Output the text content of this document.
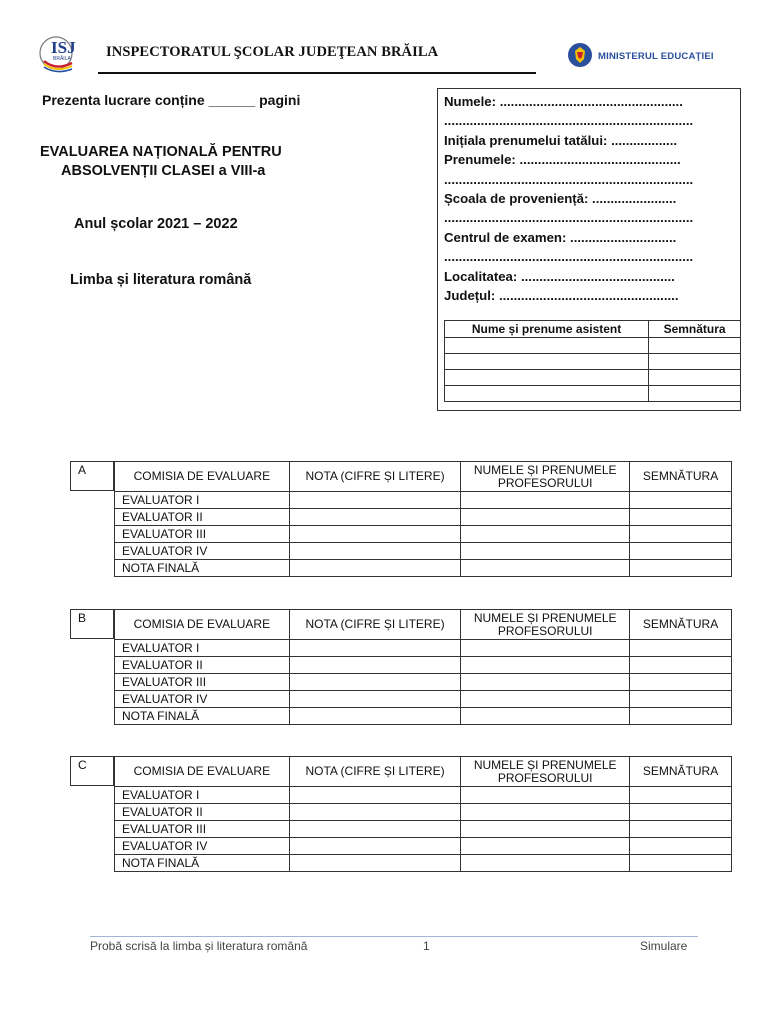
ISJ
BRĂILA INSPECTORATUL ŞCOLAR JUDEŢEAN BRĂILA	MINISTERUL EDUCAŢIEI
Prezenta lucrare conține ______ pagini
EVALUAREA NAȚIONALĂ PENTRU
ABSOLVENȚII CLASEI a VIII-a
Anul școlar 2021 – 2022
Limba și literatura română
Numele: ..................................................
....................................................................
Inițiala prenumelui tatălui: ..................
Prenumele: ............................................
....................................................................
Școala de proveniență: .......................
....................................................................
Centrul de examen: .............................
....................................................................
Localitatea: ..........................................
Județul: .................................................
Nume și prenume asistent	Semnătura

A	COMISIA DE EVALUARE	NOTA (CIFRE ȘI LITERE)	NUMELE ȘI PRENUMELE PROFESORULUI	SEMNĂTURA
EVALUATOR I			
EVALUATOR II			
EVALUATOR III			
EVALUATOR IV			
NOTA FINALĂ			
B	COMISIA DE EVALUARE	NOTA (CIFRE ȘI LITERE)	NUMELE ȘI PRENUMELE PROFESORULUI	SEMNĂTURA
EVALUATOR I			
EVALUATOR II			
EVALUATOR III			
EVALUATOR IV			
NOTA FINALĂ			
C	COMISIA DE EVALUARE	NOTA (CIFRE ȘI LITERE)	NUMELE ȘI PRENUMELE PROFESORULUI	SEMNĂTURA
EVALUATOR I			
EVALUATOR II			
EVALUATOR III			
EVALUATOR IV			
NOTA FINALĂ			
Probă scrisă la limba și literatura română	1	Simulare
